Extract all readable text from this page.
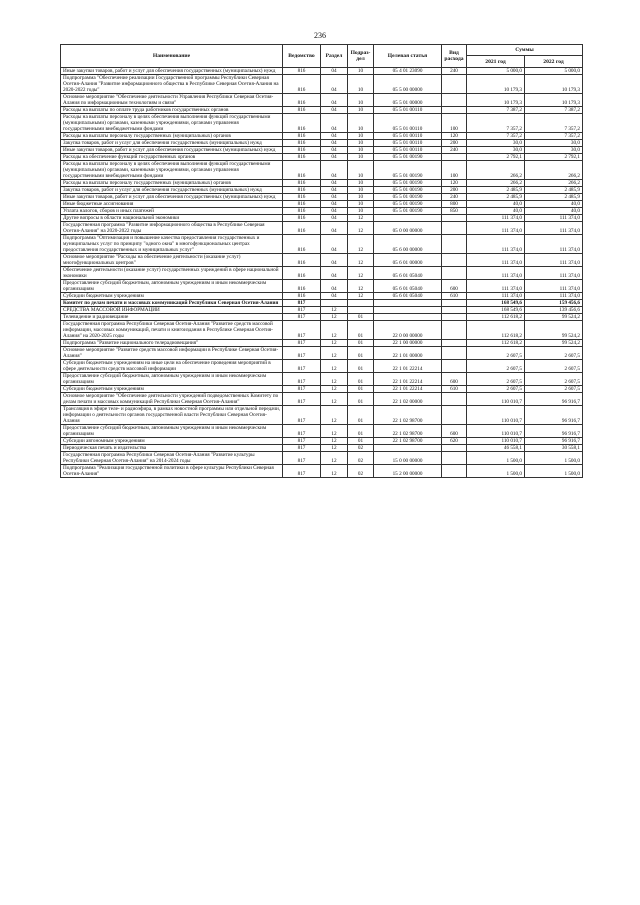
236
Наименование	Ведомство	Раздел	Подраз-
дел	Целевая статья	Вид
расхода	Суммы	
						2021 год	2022 год
Иные закупки товаров, работ и услуг для обеспечения государственных (муниципальных) нужд	816	04	10	05 4 01 23090	240	5 000,0	5 000,0
Подпрограмма "Обеспечение реализации Государственной программы Республики Северная Осетия-Алания "Развитие информационного общества в Республике Северная Осетия-Алания на 2020-2022 годы"	816	04	10	05 5 00 00000		10 179,3	10 179,3
Основное мероприятие "Обеспечение деятельности Управления Республики Северная Осетия-Алания по информационным технологиям и связи"	816	04	10	05 5 01 00000		10 179,3	10 179,3
Расходы на выплаты по оплате труда работников государственных органов	816	04	10	05 5 01 00110		7 387,2	7 387,2
Расходы на выплаты персоналу в целях обеспечения выполнения функций государственными (муниципальными) органами, казенными учреждениями, органами управления государственными внебюджетными фондами	816	04	10	05 5 01 00110	100	7 357,2	7 357,2
Расходы на выплаты персоналу государственных (муниципальных) органов	816	04	10	05 5 01 00110	120	7 357,2	7 357,2
Закупка товаров, работ и услуг для обеспечения государственных (муниципальных) нужд	816	04	10	05 5 01 00110	200	30,0	30,0
Иные закупки товаров, работ и услуг для обеспечения государственных (муниципальных) нужд	816	04	10	05 5 01 00110	240	30,0	30,0
Расходы на обеспечение функций государственных органов	816	04	10	05 5 01 00190		2 792,1	2 792,1
Расходы на выплаты персоналу в целях обеспечения выполнения функций государственными (муниципальными) органами, казенными учреждениями, органами управления государственными внебюджетными фондами	816	04	10	05 5 01 00190	100	266,2	266,2
Расходы на выплаты персоналу государственных (муниципальных) органов	816	04	10	05 5 01 00190	120	266,2	266,2
Закупка товаров, работ и услуг для обеспечения государственных (муниципальных) нужд	816	04	10	05 5 01 00190	200	2 485,9	2 485,9
Иные закупки товаров, работ и услуг для обеспечения государственных (муниципальных) нужд	816	04	10	05 5 01 00190	240	2 485,9	2 485,9
Иные бюджетные ассигнования	816	04	10	05 5 01 00190	800	40,0	40,0
Уплата налогов, сборов и иных платежей	816	04	10	05 5 01 00190	850	40,0	40,0
Другие вопросы в области национальной экономики	816	04	12			111 374,0	111 374,0
Государственная программа "Развитие информационного общества в Республике Северная Осетия-Алания" на 2020-2022 годы	816	04	12	05 0 00 00000		111 374,0	111 374,0
Подпрограмма "Оптимизация и повышение качества предоставления государственных и муниципальных услуг по принципу "одного окна" в многофункциональных центрах предоставления государственных и муниципальных услуг"	816	04	12	05 6 00 00000		111 374,0	111 374,0
Основное мероприятие "Расходы на обеспечение деятельности (оказание услуг) многофункциональных центров"	816	04	12	05 6 01 00000		111 374,0	111 374,0
Обеспечение деятельности (оказание услуг) государственных учреждений в сфере национальной экономики	816	04	12	05 6 01 05040		111 374,0	111 374,0
Предоставление субсидий бюджетным, автономным учреждениям и иным некоммерческим организациям	816	04	12	05 6 01 05040	600	111 374,0	111 374,0
Субсидии бюджетным учреждениям	816	04	12	05 6 01 05040	610	111 374,0	111 374,0
Комитет по делам печати и массовых коммуникаций Республики Северная Осетия-Алания	817					168 549,6	159 456,6
СРЕДСТВА МАССОВОЙ ИНФОРМАЦИИ	817	12				168 549,6	139 456,6
Телевидение и радиовещание	817	12	01			112 618,2	99 524,2
Государственная программа Республики Северная Осетия-Алания "Развитие средств массовой информации, массовых коммуникаций, печати и книгоиздания в Республике Северная Осетия-Алания" на 2020-2025 годы	817	12	01	22 0 00 00000		112 618,2	99 524,2
Подпрограмма "Развитие национального телерадиовещания"	817	12	01	22 1 00 00000		112 618,2	99 524,2
Основное мероприятие "Развитие средств массовой информации в Республике Северная Осетия-Алания"	817	12	01	22 1 01 00000		2 607,5	2 607,5
Субсидии бюджетным учреждениям на иные цели на обеспечение проведения мероприятий в сфере деятельности средств массовой информации	817	12	01	22 1 01 22214		2 607,5	2 607,5
Предоставление субсидий бюджетным, автономным учреждениям и иным некоммерческим организациям	817	12	01	22 1 01 22214	600	2 607,5	2 607,5
Субсидии бюджетным учреждениям	817	12	01	22 1 01 22214	610	2 607,5	2 607,5
Основное мероприятие "Обеспечение деятельности учреждений подведомственных Комитету по делам печати и массовых коммуникаций Республики Северная Осетия-Алания"	817	12	01	22 1 02 00000		110 010,7	96 916,7
Трансляция в эфире теле- и радиоэфира, в рамках новостной программы или отдельной передачи, информации о деятельности органов государственной власти Республики Северная Осетия-Алания	817	12	01	22 1 02 98700		110 010,7	96 916,7
Предоставление субсидий бюджетным, автономным учреждениям и иным некоммерческим организациям	817	12	01	22 1 02 98700	600	110 010,7	96 916,7
Субсидии автономным учреждениям	817	12	01	22 1 02 98700	620	110 010,7	96 916,7
Периодическая печать и издательства	817	12	02			46 558,1	30 558,1
Государственная программа Республики Северная Осетия-Алания "Развитие культуры Республики Северная Осетия-Алания" на 2014-2024 годы	817	12	02	15 0 00 00000		1 500,0	1 500,0
Подпрограмма "Реализация государственной политики в сфере культуры Республики Северная Осетия-Алания"	817	12	02	15 2 00 00000		1 500,0	1 500,0
